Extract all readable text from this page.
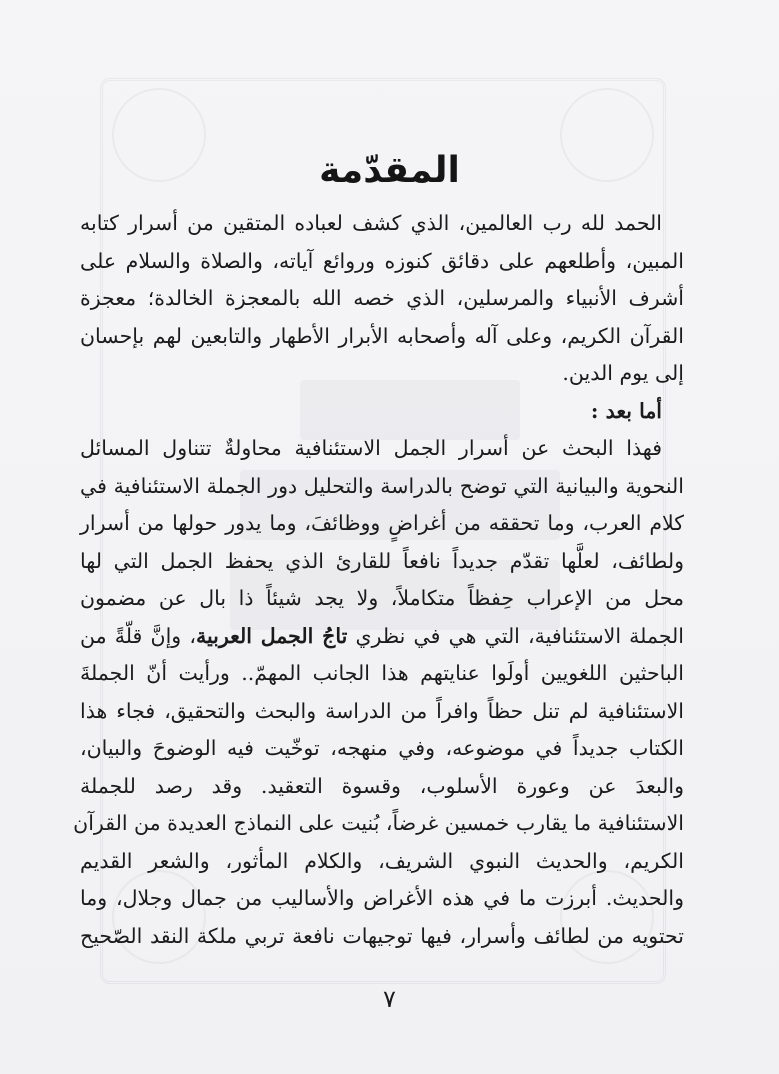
المقدّمة
الحمد لله رب العالمين، الذي كشف لعباده المتقين من أسرار كتابه
المبين، وأطلعهم على دقائق كنوزه وروائع آياته، والصلاة والسلام على
أشرف الأنبياء والمرسلين، الذي خصه الله بالمعجزة الخالدة؛ معجزة
القرآن الكريم، وعلى آله وأصحابه الأبرار الأطهار والتابعين لهم بإحسان
إلى يوم الدين.
أما بعد :
فهذا البحث عن أسرار الجمل الاستئنافية محاولةٌ تتناول المسائل
النحوية والبيانية التي توضح بالدراسة والتحليل دور الجملة الاستئنافية في
كلام العرب، وما تحققه من أغراضٍ ووظائفَ، وما يدور حولها من أسرار
ولطائف، لعلَّها تقدّم جديداً نافعاً للقارئ الذي يحفظ الجمل التي لها
محل من الإعراب حِفظاً متكاملاً، ولا يجد شيئاً ذا بال عن مضمون
الجملة الاستئنافية، التي هي في نظري تاجُ الجمل العربية، وإنَّ قلّةً من
الباحثين اللغويين أولَوا عنايتهم هذا الجانب المهمّ.. ورأيت أنّ الجملةَ
الاستئنافية لم تنل حظاً وافراً من الدراسة والبحث والتحقيق، فجاء هذا
الكتاب جديداً في موضوعه، وفي منهجه، توخّيت فيه الوضوحَ والبيان،
والبعدَ عن وعورة الأسلوب، وقسوة التعقيد. وقد رصد للجملة
الاستئنافية ما يقارب خمسين غرضاً، بُنيت على النماذج العديدة من القرآن
الكريم، والحديث النبوي الشريف، والكلام المأثور، والشعر القديم
والحديث. أبرزت ما في هذه الأغراض والأساليب من جمال وجلال، وما
تحتويه من لطائف وأسرار، فيها توجيهات نافعة تربي ملكة النقد الصّحيح
٧
